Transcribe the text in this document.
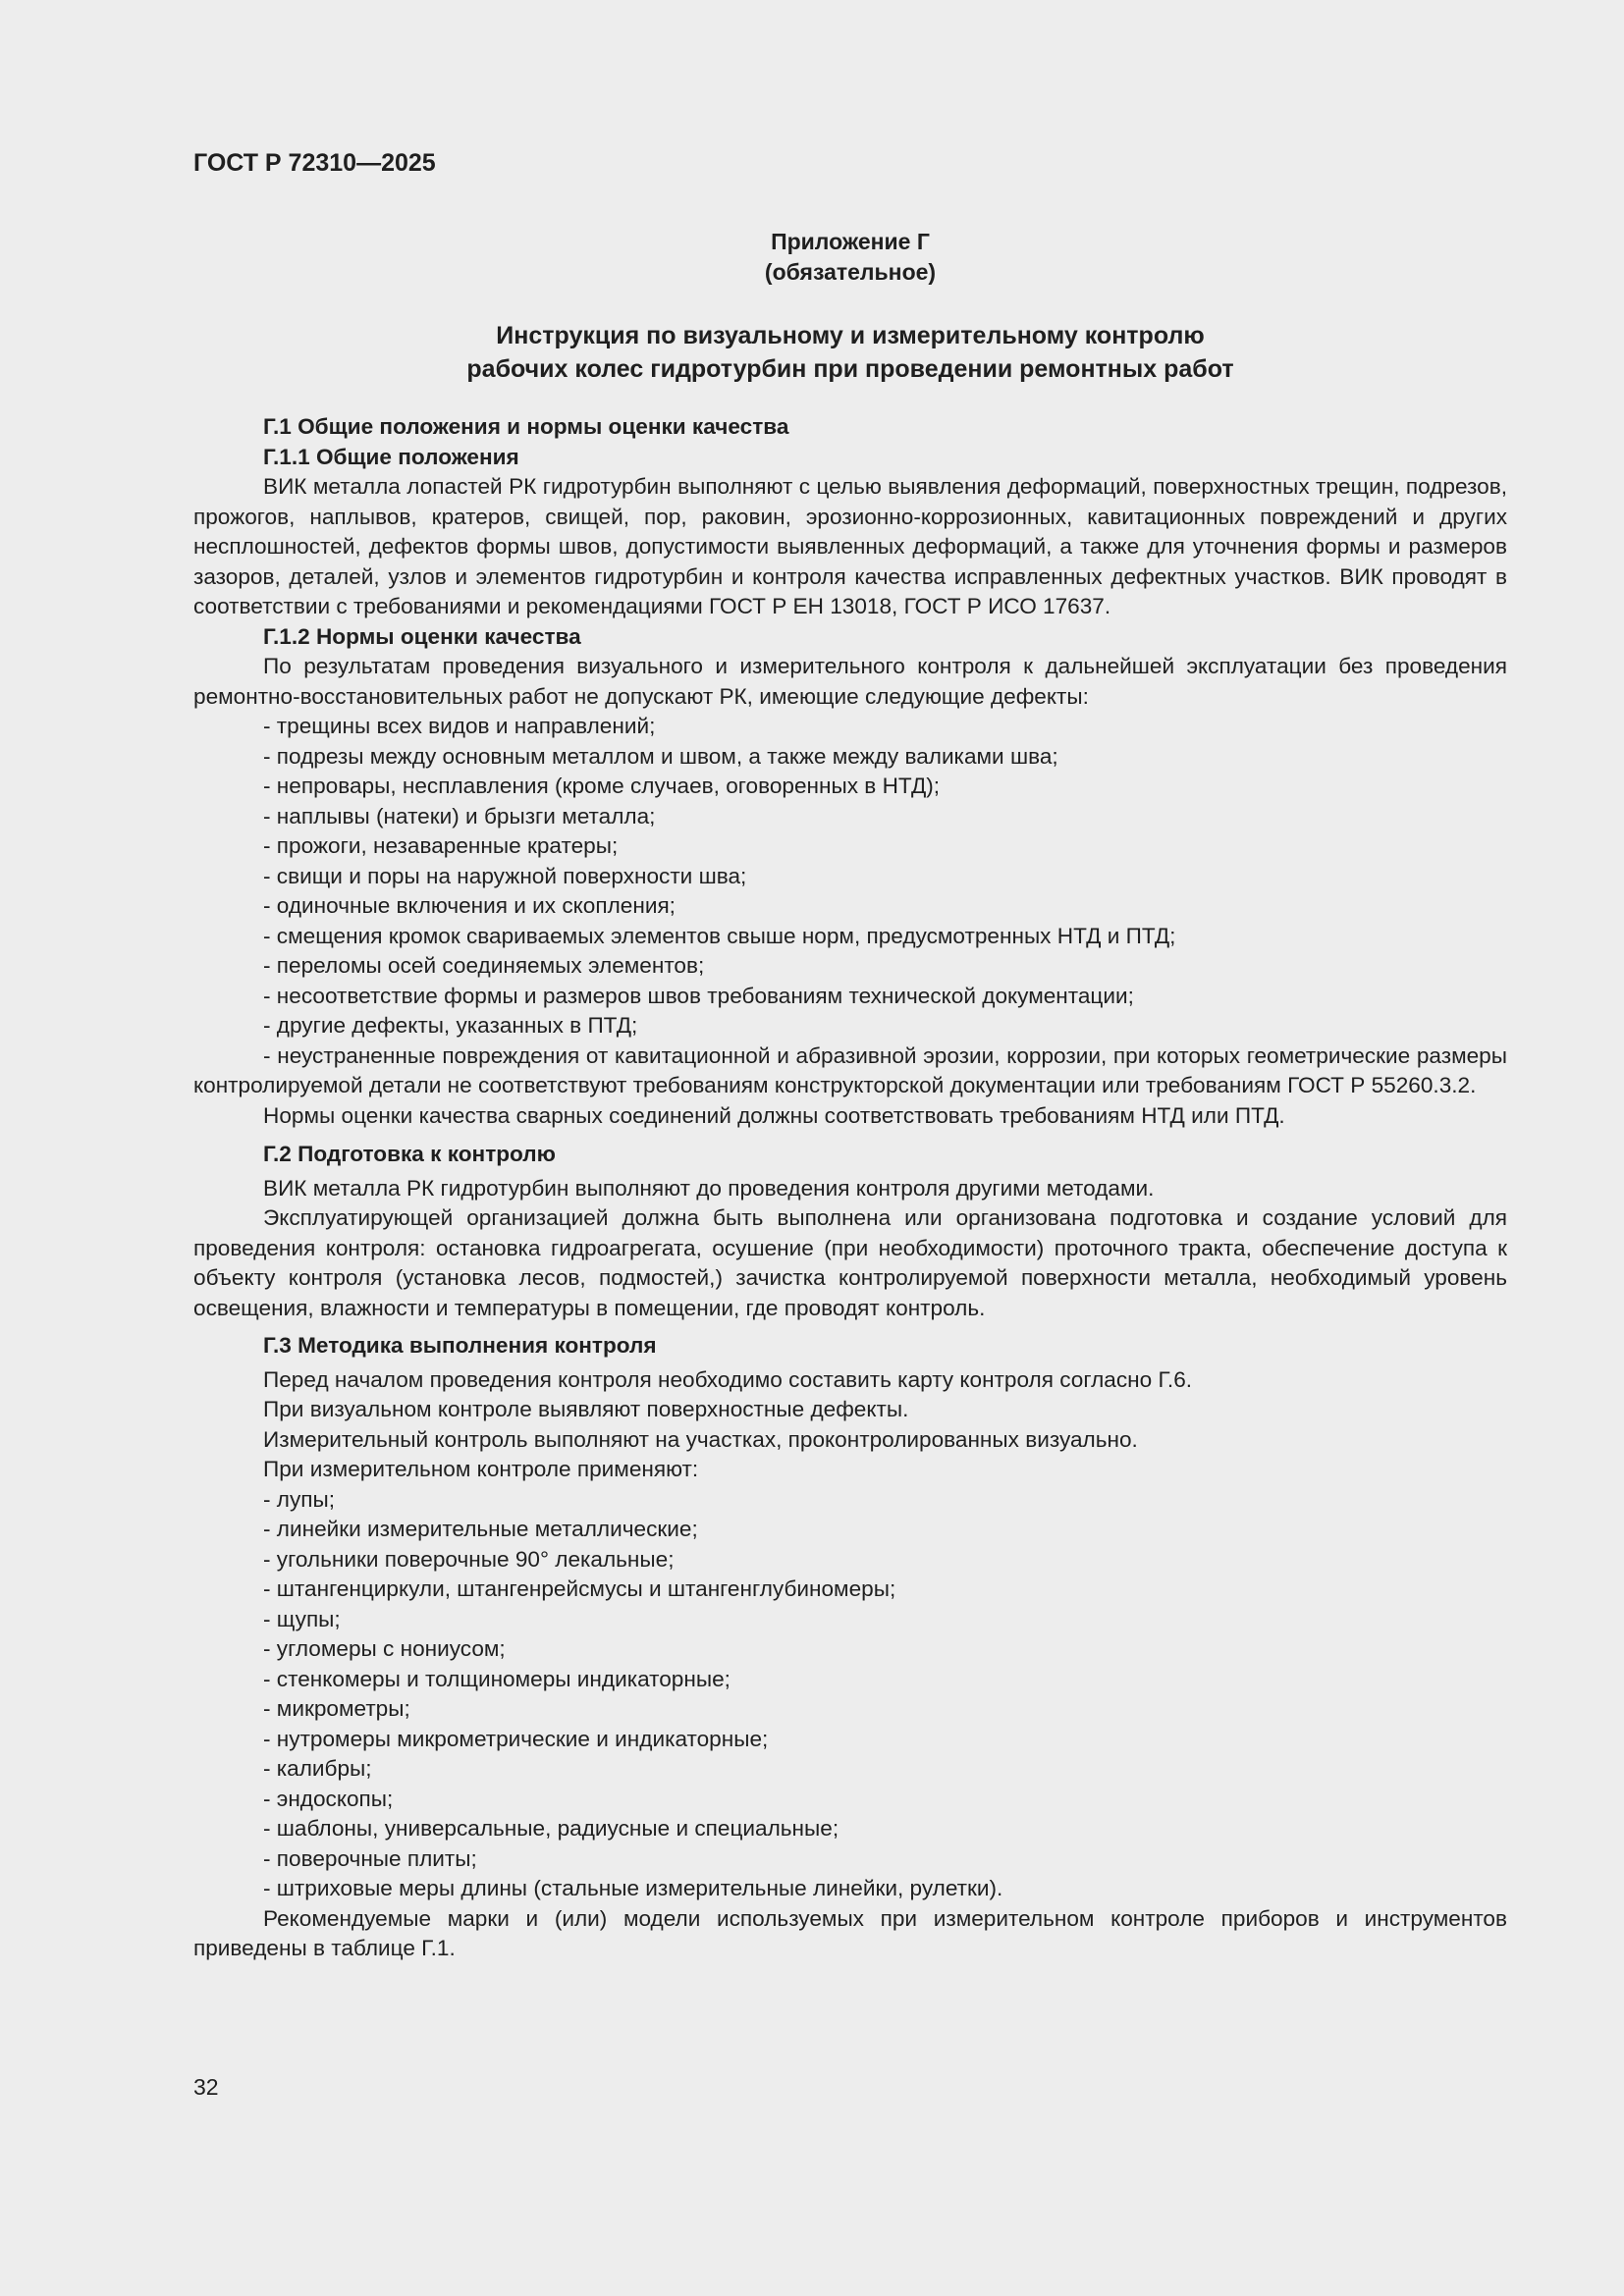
ГОСТ Р 72310—2025
Приложение Г
(обязательное)
Инструкция по визуальному и измерительному контролю
рабочих колес гидротурбин при проведении ремонтных работ
Г.1 Общие положения и нормы оценки качества
Г.1.1 Общие положения
ВИК металла лопастей РК гидротурбин выполняют с целью выявления деформаций, поверхностных трещин, подрезов, прожогов, наплывов, кратеров, свищей, пор, раковин, эрозионно-коррозионных, кавитационных повреждений и других несплошностей, дефектов формы швов, допустимости выявленных деформаций, а также для уточнения формы и размеров зазоров, деталей, узлов и элементов гидротурбин и контроля качества исправленных дефектных участков. ВИК проводят в соответствии с требованиями и рекомендациями ГОСТ Р ЕН 13018, ГОСТ Р ИСО 17637.
Г.1.2 Нормы оценки качества
По результатам проведения визуального и измерительного контроля к дальнейшей эксплуатации без проведения ремонтно-восстановительных работ не допускают РК, имеющие следующие дефекты:
- трещины всех видов и направлений;
- подрезы между основным металлом и швом, а также между валиками шва;
- непровары, несплавления (кроме случаев, оговоренных в НТД);
- наплывы (натеки) и брызги металла;
- прожоги, незаваренные кратеры;
- свищи и поры на наружной поверхности шва;
- одиночные включения и их скопления;
- смещения кромок свариваемых элементов свыше норм, предусмотренных НТД и ПТД;
- переломы осей соединяемых элементов;
- несоответствие формы и размеров швов требованиям технической документации;
- другие дефекты, указанных в ПТД;
- неустраненные повреждения от кавитационной и абразивной эрозии, коррозии, при которых геометрические размеры контролируемой детали не соответствуют требованиям конструкторской документации или требованиям ГОСТ Р 55260.3.2.
Нормы оценки качества сварных соединений должны соответствовать требованиям НТД или ПТД.
Г.2 Подготовка к контролю
ВИК металла РК гидротурбин выполняют до проведения контроля другими методами.
Эксплуатирующей организацией должна быть выполнена или организована подготовка и создание условий для проведения контроля: остановка гидроагрегата, осушение (при необходимости) проточного тракта, обеспечение доступа к объекту контроля (установка лесов, подмостей,) зачистка контролируемой поверхности металла, необходимый уровень освещения, влажности и температуры в помещении, где проводят контроль.
Г.3 Методика выполнения контроля
Перед началом проведения контроля необходимо составить карту контроля согласно Г.6.
При визуальном контроле выявляют поверхностные дефекты.
Измерительный контроль выполняют на участках, проконтролированных визуально.
При измерительном контроле применяют:
- лупы;
- линейки измерительные металлические;
- угольники поверочные 90° лекальные;
- штангенциркули, штангенрейсмусы и штангенглубиномеры;
- щупы;
- угломеры с нониусом;
- стенкомеры и толщиномеры индикаторные;
- микрометры;
- нутромеры микрометрические и индикаторные;
- калибры;
- эндоскопы;
- шаблоны, универсальные, радиусные и специальные;
- поверочные плиты;
- штриховые меры длины (стальные измерительные линейки, рулетки).
Рекомендуемые марки и (или) модели используемых при измерительном контроле приборов и инструментов приведены в таблице Г.1.
32
